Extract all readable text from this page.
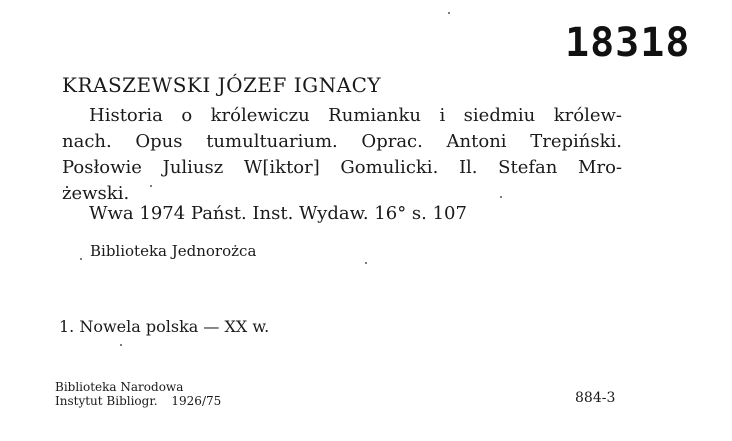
18318
KRASZEWSKI JÓZEF IGNACY
Historia o królewiczu Rumianku i siedmiu królew-
nach. Opus tumultuarium. Oprac. Antoni Trepiński.
Posłowie Juliusz W[iktor] Gomulicki. Il. Stefan Mro-
żewski.
Wwa 1974 Państ. Inst. Wydaw. 16° s. 107
Biblioteka Jednorożca
1. Nowela polska — XX w.
Biblioteka Narodowa
Instytut Bibliogr. 1926/75	884-3
